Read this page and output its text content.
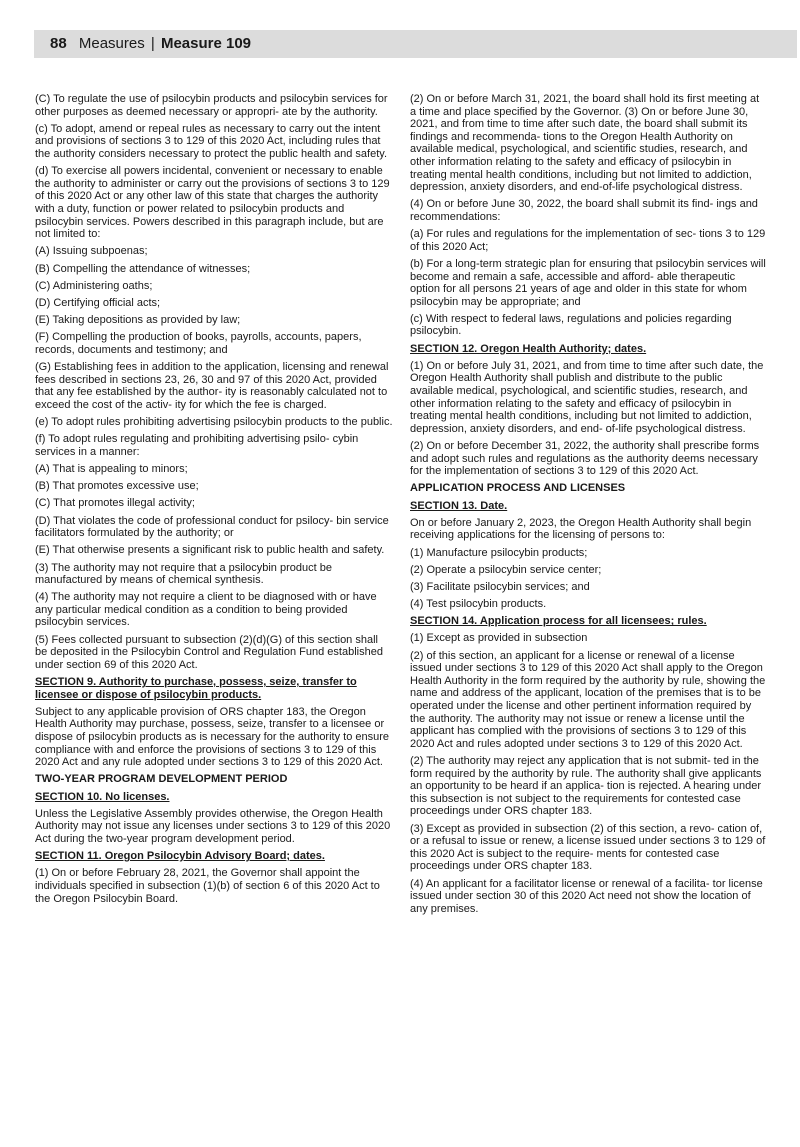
88 Measures | Measure 109

(C) To regulate the use of psilocybin products and psilocybin services for other purposes as deemed necessary or appropri- ate by the authority.

(c) To adopt, amend or repeal rules as necessary to carry out the intent and provisions of sections 3 to 129 of this 2020 Act, including rules that the authority considers necessary to protect the public health and safety.

(d) To exercise all powers incidental, convenient or necessary to enable the authority to administer or carry out the provisions of sections 3 to 129 of this 2020 Act or any other law of this state that charges the authority with a duty, function or power related to psilocybin products and psilocybin services. Powers described in this paragraph include, but are not limited to:

(A) Issuing subpoenas;

(B) Compelling the attendance of witnesses;

(C) Administering oaths;

(D) Certifying official acts;

(E) Taking depositions as provided by law;

(F) Compelling the production of books, payrolls, accounts, papers, records, documents and testimony; and

(G) Establishing fees in addition to the application, licensing and renewal fees described in sections 23, 26, 30 and 97 of this 2020 Act, provided that any fee established by the author- ity is reasonably calculated not to exceed the cost of the activ- ity for which the fee is charged.

(e) To adopt rules prohibiting advertising psilocybin products to the public.

(f) To adopt rules regulating and prohibiting advertising psilo- cybin services in a manner:

(A) That is appealing to minors;

(B) That promotes excessive use;

(C) That promotes illegal activity;

(D) That violates the code of professional conduct for psilocy- bin service facilitators formulated by the authority; or

(E) That otherwise presents a significant risk to public health and safety.

(3) The authority may not require that a psilocybin product be manufactured by means of chemical synthesis.

(4) The authority may not require a client to be diagnosed with or have any particular medical condition as a condition to being provided psilocybin services.

(5) Fees collected pursuant to subsection (2)(d)(G) of this section shall be deposited in the Psilocybin Control and Regulation Fund established under section 69 of this 2020 Act.

SECTION 9. Authority to purchase, possess, seize, transfer to licensee or dispose of psilocybin products.

Subject to any applicable provision of ORS chapter 183, the Oregon Health Authority may purchase, possess, seize, transfer to a licensee or dispose of psilocybin products as is necessary for the authority to ensure compliance with and enforce the provisions of sections 3 to 129 of this 2020 Act and any rule adopted under sections 3 to 129 of this 2020 Act.

TWO-YEAR PROGRAM DEVELOPMENT PERIOD

SECTION 10. No licenses.

Unless the Legislative Assembly provides otherwise, the Oregon Health Authority may not issue any licenses under sections 3 to 129 of this 2020 Act during the two-year program development period.

SECTION 11. Oregon Psilocybin Advisory Board; dates.

(1) On or before February 28, 2021, the Governor shall appoint the individuals specified in subsection (1)(b) of section 6 of this 2020 Act to the Oregon Psilocybin Board.

(2) On or before March 31, 2021, the board shall hold its first meeting at a time and place specified by the Governor. (3) On or before June 30, 2021, and from time to time after such date, the board shall submit its findings and recommenda- tions to the Oregon Health Authority on available medical, psychological, and scientific studies, research, and other information relating to the safety and efficacy of psilocybin in treating mental health conditions, including but not limited to addiction, depression, anxiety disorders, and end-of-life psychological distress.

(4) On or before June 30, 2022, the board shall submit its find- ings and recommendations:

(a) For rules and regulations for the implementation of sec- tions 3 to 129 of this 2020 Act;

(b) For a long-term strategic plan for ensuring that psilocybin services will become and remain a safe, accessible and afford- able therapeutic option for all persons 21 years of age and older in this state for whom psilocybin may be appropriate; and

(c) With respect to federal laws, regulations and policies regarding psilocybin.

SECTION 12. Oregon Health Authority; dates.

(1) On or before July 31, 2021, and from time to time after such date, the Oregon Health Authority shall publish and distribute to the public available medical, psychological, and scientific studies, research, and other information relating to the safety and efficacy of psilocybin in treating mental health conditions, including but not limited to addiction, depression, anxiety disorders, and end- of-life psychological distress.

(2) On or before December 31, 2022, the authority shall prescribe forms and adopt such rules and regulations as the authority deems necessary for the implementation of sections 3 to 129 of this 2020 Act.

APPLICATION PROCESS AND LICENSES

SECTION 13. Date.

On or before January 2, 2023, the Oregon Health Authority shall begin receiving applications for the licensing of persons to:

(1) Manufacture psilocybin products;

(2) Operate a psilocybin service center;

(3) Facilitate psilocybin services; and

(4) Test psilocybin products.

SECTION 14. Application process for all licensees; rules.

(1) Except as provided in subsection

(2) of this section, an applicant for a license or renewal of a license issued under sections 3 to 129 of this 2020 Act shall apply to the Oregon Health Authority in the form required by the authority by rule, showing the name and address of the applicant, location of the premises that is to be operated under the license and other pertinent information required by the authority. The authority may not issue or renew a license until the applicant has complied with the provisions of sections 3 to 129 of this 2020 Act and rules adopted under sections 3 to 129 of this 2020 Act.

(2) The authority may reject any application that is not submit- ted in the form required by the authority by rule. The authority shall give applicants an opportunity to be heard if an applica- tion is rejected. A hearing under this subsection is not subject to the requirements for contested case proceedings under ORS chapter 183.

(3) Except as provided in subsection (2) of this section, a revo- cation of, or a refusal to issue or renew, a license issued under sections 3 to 129 of this 2020 Act is subject to the require- ments for contested case proceedings under ORS chapter 183.

(4) An applicant for a facilitator license or renewal of a facilita- tor license issued under section 30 of this 2020 Act need not show the location of any premises.
